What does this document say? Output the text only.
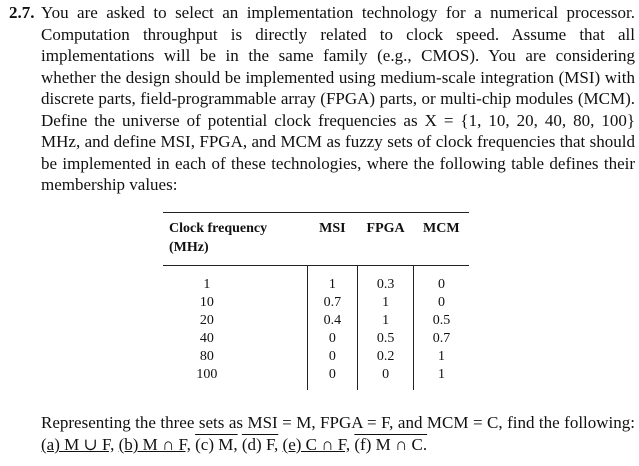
2.7. You are asked to select an implementation technology for a numerical processor. Computation throughput is directly related to clock speed. Assume that all implementations will be in the same family (e.g., CMOS). You are considering whether the design should be implemented using medium-scale integration (MSI) with discrete parts, field-programmable array (FPGA) parts, or multi-chip modules (MCM). Define the universe of potential clock frequencies as X = {1, 10, 20, 40, 80, 100} MHz, and define MSI, FPGA, and MCM as fuzzy sets of clock frequencies that should be implemented in each of these technologies, where the following table defines their membership values:
Clock frequency (MHz)	MSI	FPGA	MCM
1	1	0.3	0
10	0.7	1	0
20	0.4	1	0.5
40	0	0.5	0.7
80	0	0.2	1
100	0	0	1
Representing the three sets as MSI = M, FPGA = F, and MCM = C, find the following: (a) M ∪ F, (b) M ∩ F, (c) M, (d) F, (e) C ∩ F, (f) M ∩ C.
